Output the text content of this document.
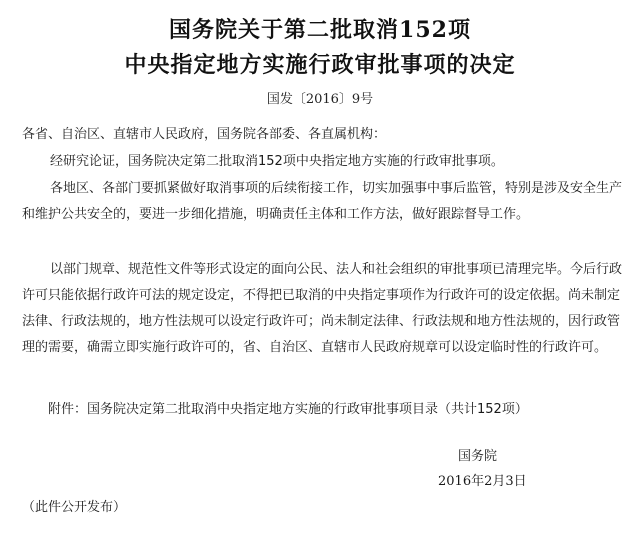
国务院关于第二批取消152项
中央指定地方实施行政审批事项的决定
国发〔2016〕9号

各省、自治区、直辖市人民政府，国务院各部委、各直属机构：

经研究论证，国务院决定第二批取消152项中央指定地方实施的行政审批事项。

各地区、各部门要抓紧做好取消事项的后续衔接工作，切实加强事中事后监管，特别是涉及安全生产和维护公共安全的，要进一步细化措施，明确责任主体和工作方法，做好跟踪督导工作。

以部门规章、规范性文件等形式设定的面向公民、法人和社会组织的审批事项已清理完毕。今后行政许可只能依据行政许可法的规定设定，不得把已取消的中央指定事项作为行政许可的设定依据。尚未制定法律、行政法规的，地方性法规可以设定行政许可；尚未制定法律、行政法规和地方性法规的，因行政管理的需要，确需立即实施行政许可的，省、自治区、直辖市人民政府规章可以设定临时性的行政许可。

附件：国务院决定第二批取消中央指定地方实施的行政审批事项目录（共计152项）

国务院
2016年2月3日
（此件公开发布）
